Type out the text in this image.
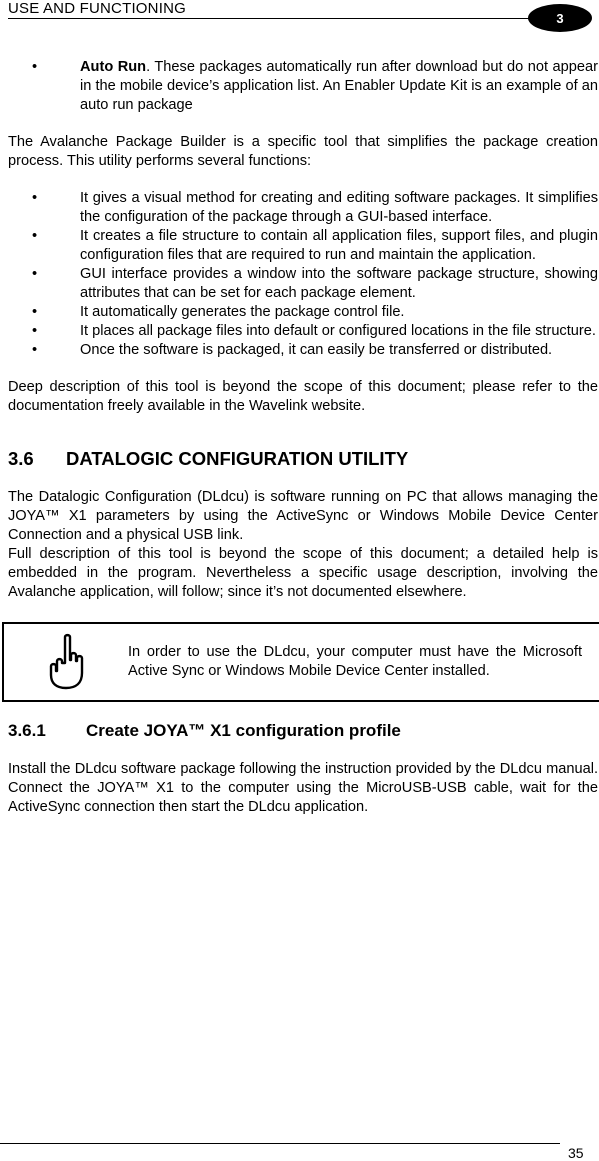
USE AND FUNCTIONING
3
•	Auto Run. These packages automatically run after download but do not appear in the mobile device’s application list. An Enabler Update Kit is an example of an auto run package

The Avalanche Package Builder is a specific tool that simplifies the package creation process. This utility performs several functions:

•	It gives a visual method for creating and editing software packages. It simplifies the configuration of the package through a GUI-based interface.
•	It creates a file structure to contain all application files, support files, and plugin configuration files that are required to run and maintain the application.
•	GUI interface provides a window into the software package structure, showing attributes that can be set for each package element.
•	It automatically generates the package control file.
•	It places all package files into default or configured locations in the file structure.
•	Once the software is packaged, it can easily be transferred or distributed.

Deep description of this tool is beyond the scope of this document; please refer to the documentation freely available in the Wavelink website.

3.6	DATALOGIC CONFIGURATION UTILITY

The Datalogic Configuration (DLdcu) is software running on PC that allows managing the JOYA™ X1 parameters by using the ActiveSync or Windows Mobile Device Center Connection and a physical USB link.

Full description of this tool is beyond the scope of this document; a detailed help is embedded in the program. Nevertheless a specific usage description, involving the Avalanche application, will follow; since it’s not documented elsewhere.

In order to use the DLdcu, your computer must have the Microsoft Active Sync or Windows Mobile Device Center installed.
3.6.1	Create JOYA™ X1 configuration profile

Install the DLdcu software package following the instruction provided by the DLdcu manual. Connect the JOYA™ X1 to the computer using the MicroUSB-USB cable, wait for the ActiveSync connection then start the DLdcu application.

35
